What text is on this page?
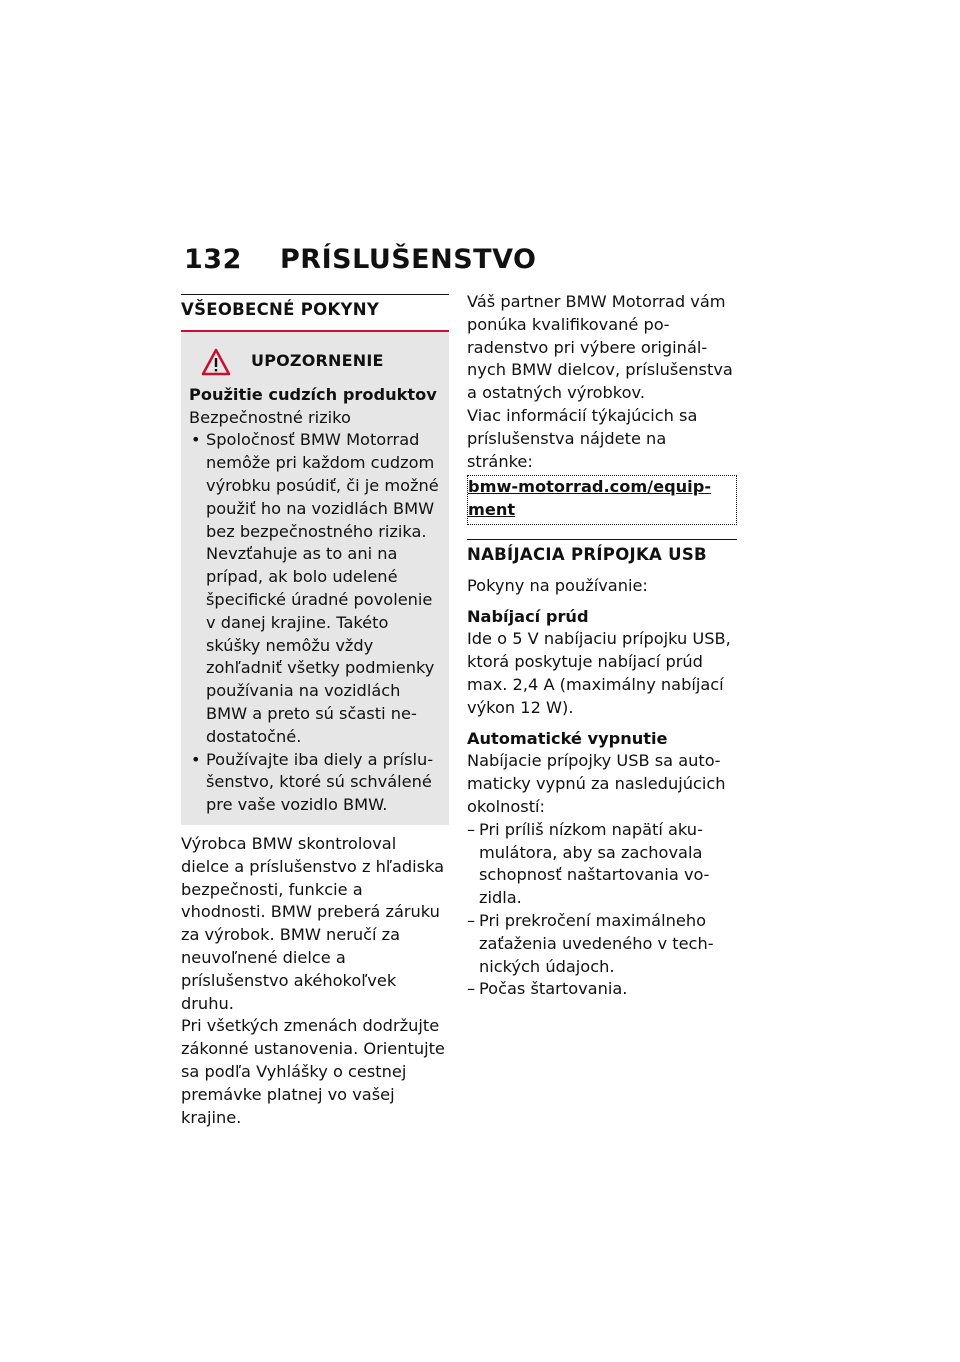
132 PRÍSLUŠENSTVO
VŠEOBECNÉ POKYNY
UPOZORNENIE

Použitie cudzích produktov

Bezpečnostné riziko

• Spoločnosť BMW Motorrad nemôže pri každom cudzom výrobku posúdiť, či je možné použiť ho na vozidlách BMW bez bezpečnostného rizika. Nevzťahuje as to ani na prípad, ak bolo udelené špecifické úradné povolenie v danej krajine. Takéto skúšky nemôžu vždy zohľadniť všetky podmienky používania na vozidlách BMW a preto sú sčasti nedostatočné.
• Používajte iba diely a príslušenstvo, ktoré sú schválené pre vaše vozidlo BMW.

Výrobca BMW skontroloval dielce a príslušenstvo z hľadiska bezpečnosti, funkcie a vhodnosti. BMW preberá záruku za výrobok. BMW neručí za neuvoľnené dielce a príslušenstvo akéhokoľvek druhu.

Pri všetkých zmenách dodržujte zákonné ustanovenia. Orientujte sa podľa Vyhlášky o cestnej premávke platnej vo vašej krajine.

Váš partner BMW Motorrad vám ponúka kvalifikované poradenstvo pri výbere originálnych BMW dielcov, príslušenstva a ostatných výrobkov.

Viac informácií týkajúcich sa príslušenstva nájdete na stránke:

bmw-motorrad.com/equipment
NABÍJACIA PRÍPOJKA USB

Pokyny na používanie:

Nabíjací prúd

Ide o 5 V nabíjaciu prípojku USB, ktorá poskytuje nabíjací prúd max. 2,4 A (maximálny nabíjací výkon 12 W).

Automatické vypnutie

Nabíjacie prípojky USB sa automaticky vypnú za nasledujúcich okolností:

– Pri príliš nízkom napätí akumulátora, aby sa zachovala schopnosť naštartovania vozidla.
– Pri prekročení maximálneho zaťaženia uvedeného v technických údajoch.
– Počas štartovania.
